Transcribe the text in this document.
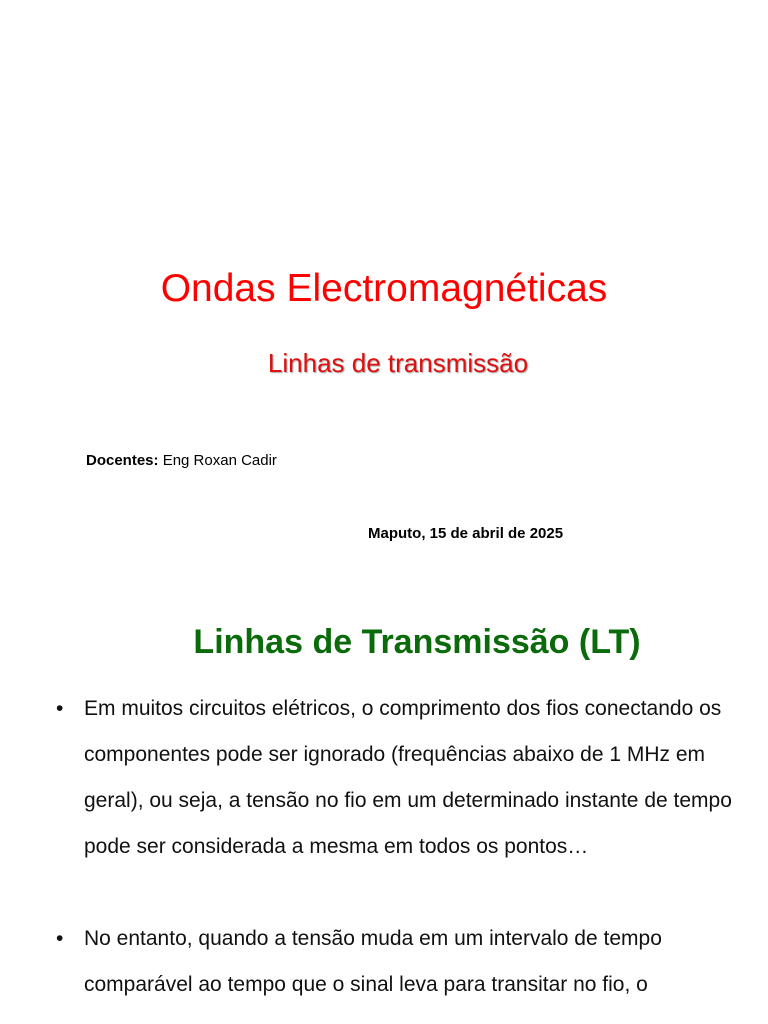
Ondas Electromagnéticas
Linhas de transmissão
Docentes: Eng Roxan Cadir
Maputo, 15 de abril de 2025
Linhas de Transmissão (LT)
• Em muitos circuitos elétricos, o comprimento dos fios conectando os componentes pode ser ignorado (frequências abaixo de 1 MHz em geral), ou seja, a tensão no fio em um determinado instante de tempo pode ser considerada a mesma em todos os pontos…
• No entanto, quando a tensão muda em um intervalo de tempo comparável ao tempo que o sinal leva para transitar no fio, o
